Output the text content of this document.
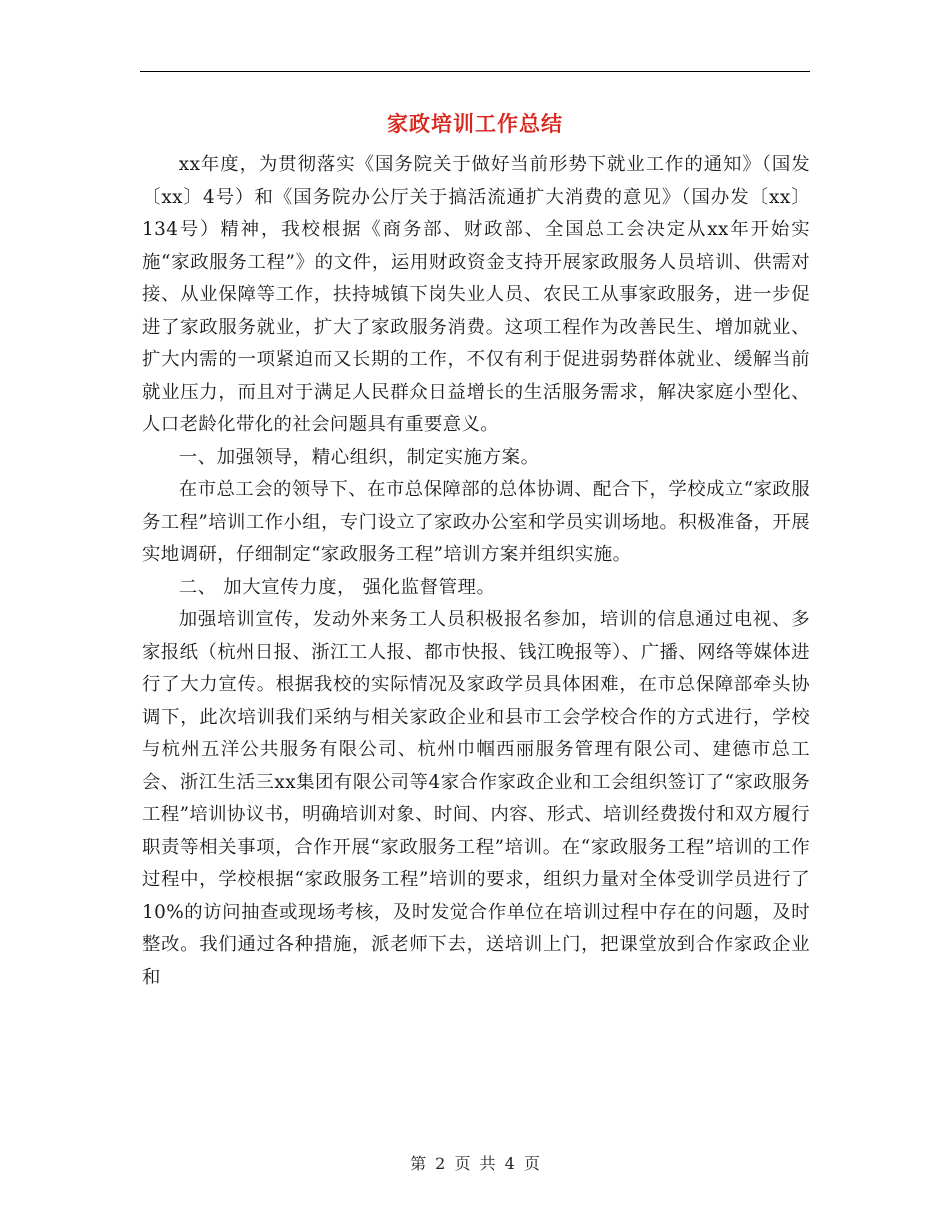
家政培训工作总结

xx年度，为贯彻落实《国务院关于做好当前形势下就业工作的通知》（国发〔xx〕4号）和《国务院办公厅关于搞活流通扩大消费的意见》（国办发〔xx〕134号）精神，我校根据《商务部、财政部、全国总工会决定从xx年开始实施“家政服务工程”》的文件，运用财政资金支持开展家政服务人员培训、供需对接、从业保障等工作，扶持城镇下岗失业人员、农民工从事家政服务，进一步促进了家政服务就业，扩大了家政服务消费。这项工程作为改善民生、增加就业、扩大内需的一项紧迫而又长期的工作，不仅有利于促进弱势群体就业、缓解当前就业压力，而且对于满足人民群众日益增长的生活服务需求，解决家庭小型化、人口老龄化带化的社会问题具有重要意义。

一、加强领导，精心组织，制定实施方案。

在市总工会的领导下、在市总保障部的总体协调、配合下，学校成立“家政服务工程”培训工作小组，专门设立了家政办公室和学员实训场地。积极准备，开展实地调研，仔细制定“家政服务工程”培训方案并组织实施。

二、 加大宣传力度， 强化监督管理。

加强培训宣传，发动外来务工人员积极报名参加，培训的信息通过电视、多家报纸（杭州日报、浙江工人报、都市快报、钱江晚报等）、广播、网络等媒体进行了大力宣传。根据我校的实际情况及家政学员具体困难，在市总保障部牵头协调下，此次培训我们采纳与相关家政企业和县市工会学校合作的方式进行，学校与杭州五洋公共服务有限公司、杭州巾帼西丽服务管理有限公司、建德市总工会、浙江生活三xx集团有限公司等4家合作家政企业和工会组织签订了“家政服务工程”培训协议书，明确培训对象、时间、内容、形式、培训经费拨付和双方履行职责等相关事项，合作开展“家政服务工程”培训。在“家政服务工程”培训的工作过程中，学校根据“家政服务工程”培训的要求，组织力量对全体受训学员进行了10%的访问抽查或现场考核，及时发觉合作单位在培训过程中存在的问题，及时整改。我们通过各种措施，派老师下去，送培训上门，把课堂放到合作家政企业和

第 2 页 共 4 页
